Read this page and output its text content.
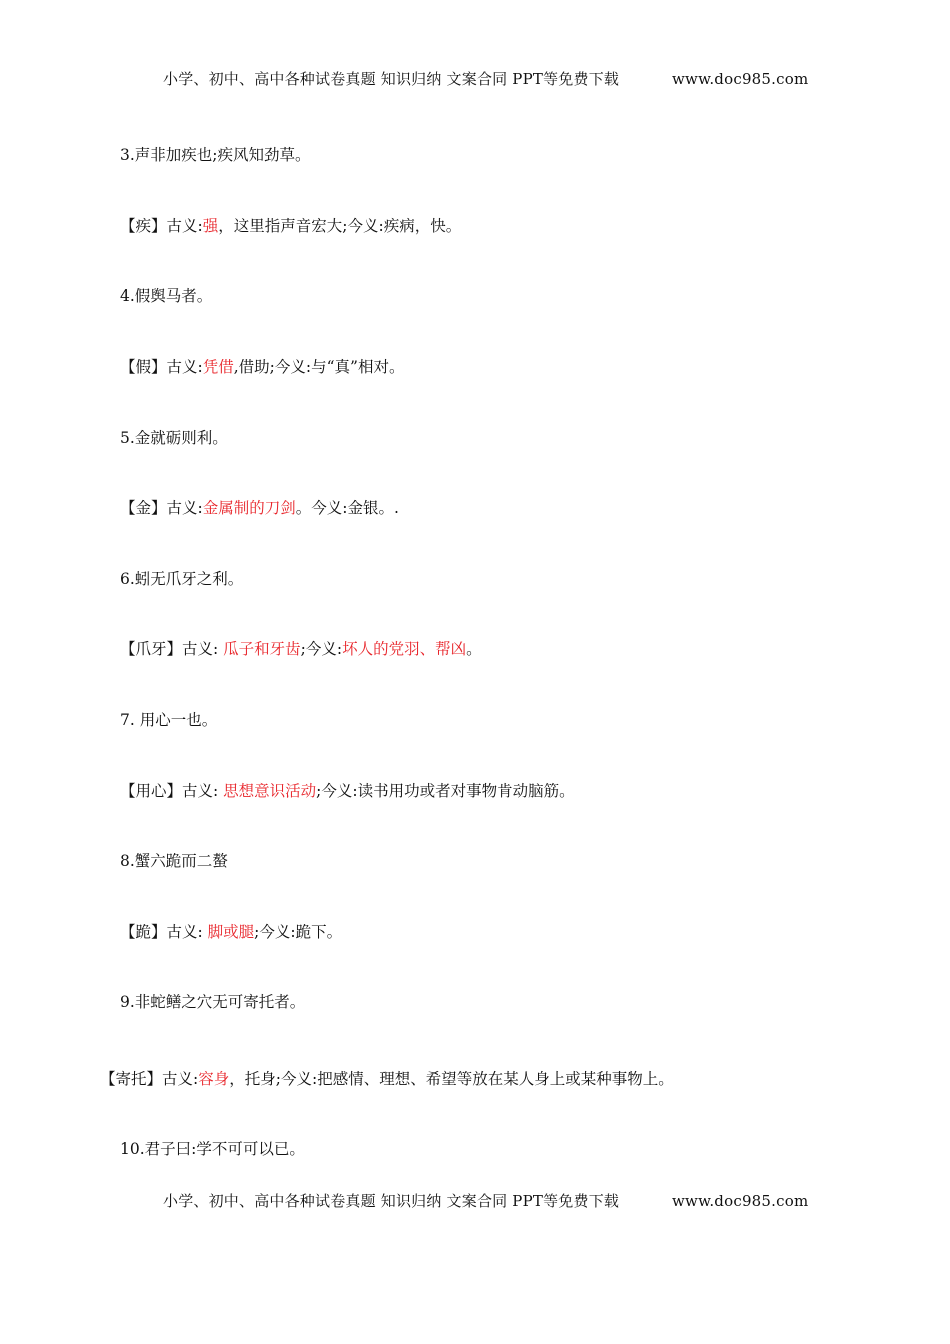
小学、初中、高中各种试卷真题 知识归纳 文案合同 PPT等免费下载	www.doc985.com
3.声非加疾也;疾风知劲草。
【疾】古义:强，这里指声音宏大;今义:疾病，快。
4.假舆马者。
【假】古义:凭借,借助;今义:与“真”相对。
5.金就砺则利。
【金】古义:金属制的刀剑。今义:金银。.
6.蚓无爪牙之利。
【爪牙】古义: 瓜子和牙齿;今义:坏人的党羽、帮凶。
7. 用心一也。
【用心】古义: 思想意识活动;今义:读书用功或者对事物肯动脑筋。
8.蟹六跪而二螯
【跪】古义: 脚或腿;今义:跪下。
9.非蛇鳝之穴无可寄托者。
【寄托】古义:容身，托身;今义:把感情、理想、希望等放在某人身上或某种事物上。
10.君子曰:学不可可以已。
小学、初中、高中各种试卷真题 知识归纳 文案合同 PPT等免费下载	www.doc985.com
